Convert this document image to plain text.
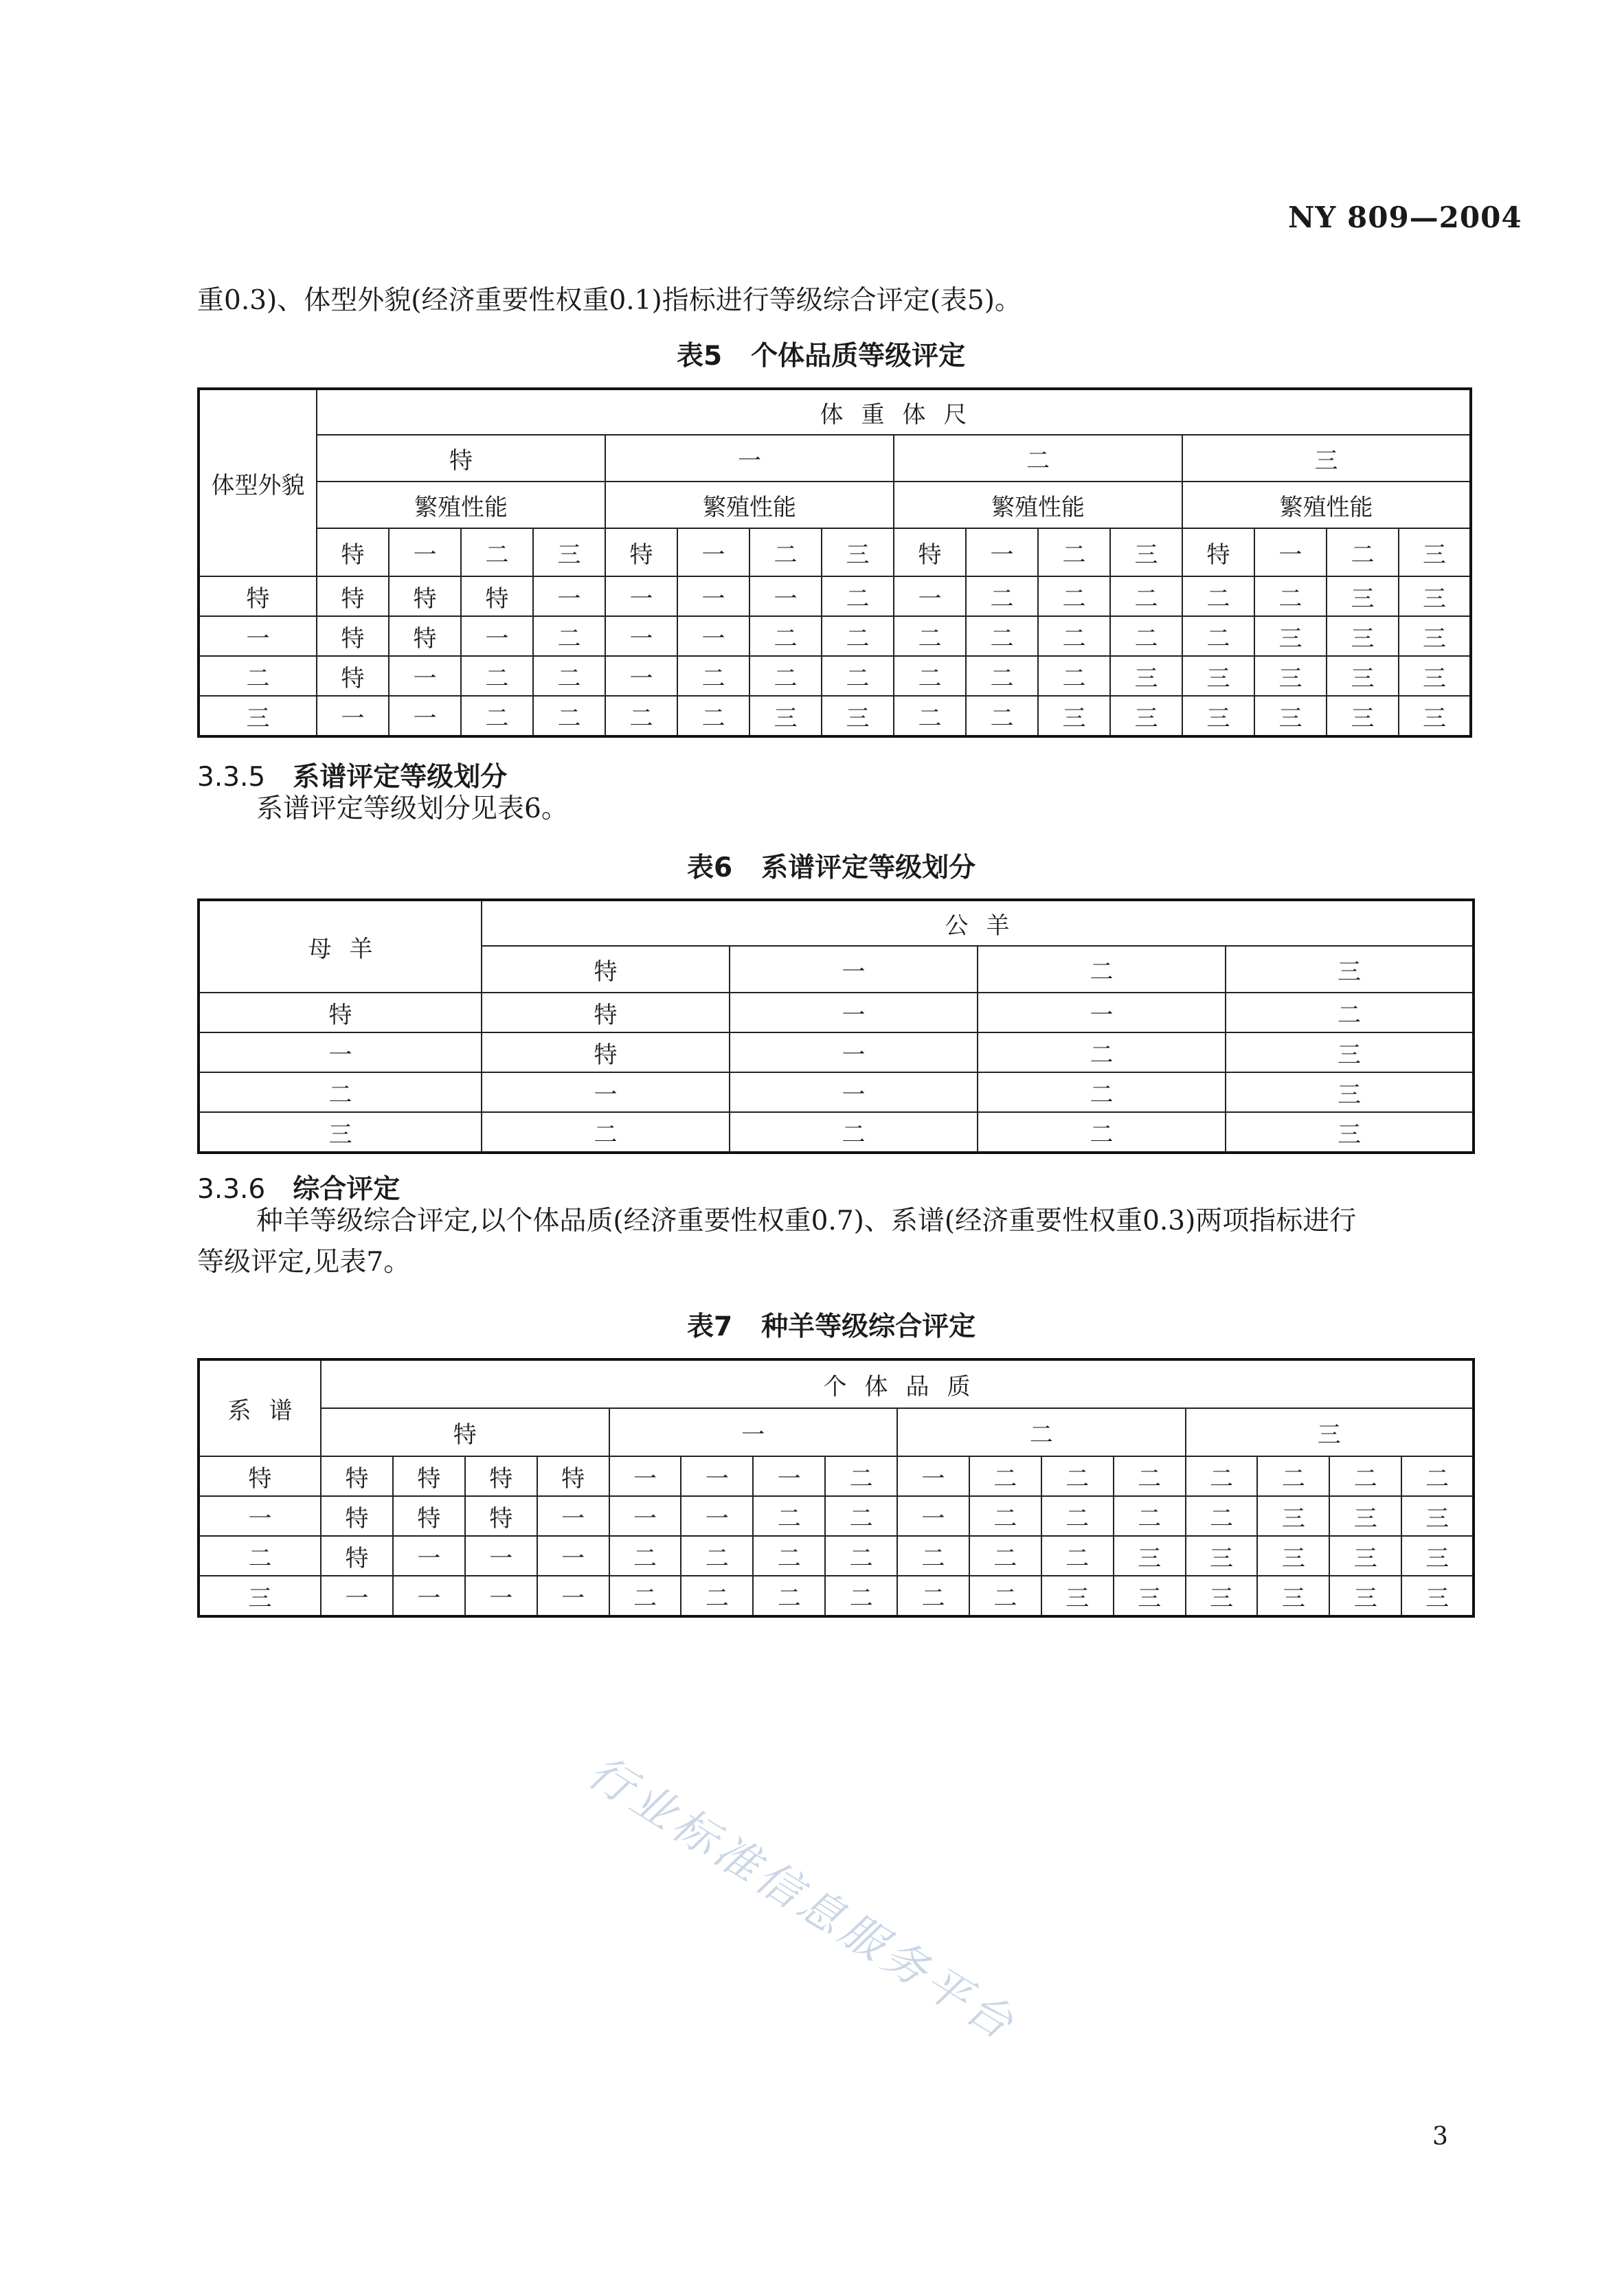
NY 809—2004
重0.3)、体型外貌(经济重要性权重0.1)指标进行等级综合评定(表5)。
表5 个体品质等级评定
体型外貌	体重体尺															
	特				一				二				三			
	繁殖性能				繁殖性能				繁殖性能				繁殖性能			
	特	一	二	三	特	一	二	三	特	一	二	三	特	一	二	三
特	特	特	特	一	一	一	一	二	一	二	二	二	二	二	三	三
一	特	特	一	二	一	一	二	二	二	二	二	二	二	三	三	三
二	特	一	二	二	一	二	二	二	二	二	二	三	三	三	三	三
三	一	一	二	二	二	二	三	三	二	二	三	三	三	三	三	三
3.3.5 系谱评定等级划分
系谱评定等级划分见表6。
表6 系谱评定等级划分
母羊	公羊			
	特	一	二	三
特	特	一	一	二
一	特	一	二	三
二	一	一	二	三
三	二	二	二	三
3.3.6 综合评定
种羊等级综合评定,以个体品质(经济重要性权重0.7)、系谱(经济重要性权重0.3)两项指标进行
等级评定,见表7。
表7 种羊等级综合评定
系谱	个体品质															
	特				一				二				三			
特	特	特	特	特	一	一	一	二	一	二	二	二	二	二	二	二
一	特	特	特	一	一	一	二	二	一	二	二	二	二	三	三	三
二	特	一	一	一	二	二	二	二	二	二	二	三	三	三	三	三
三	一	一	一	一	二	二	二	二	二	二	三	三	三	三	三	三
行业标准信息服务平台
3
